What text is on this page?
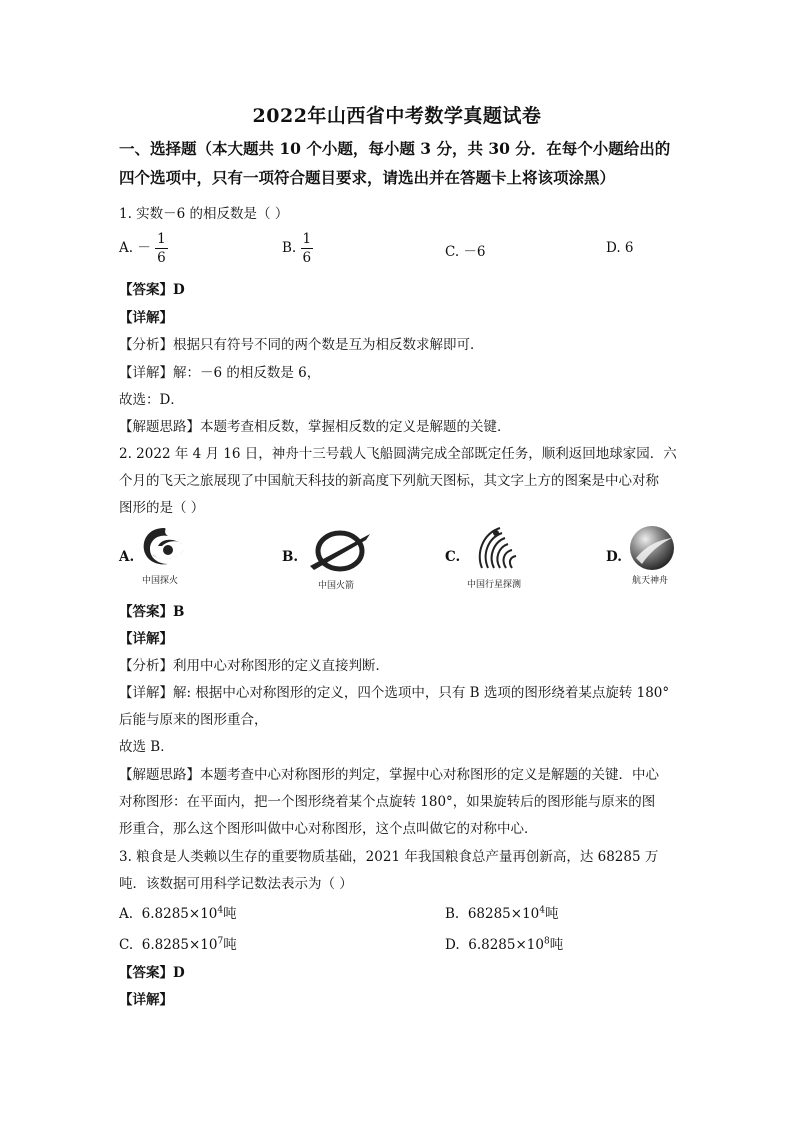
2022年山西省中考数学真题试卷
一、选择题（本大题共 10 个小题，每小题 3 分，共 30 分．在每个小题给出的
四个选项中，只有一项符合题目要求，请选出并在答题卡上将该项涂黑）
1. 实数－6 的相反数是（ ）
A. － $\frac{1}{6}$	B. $\frac{1}{6}$	C. －6	D. 6
【答案】D
【详解】
【分析】根据只有符号不同的两个数是互为相反数求解即可．
【详解】解：－6 的相反数是 6，
故选：D．
【解题思路】本题考查相反数，掌握相反数的定义是解题的关键．
2. 2022 年 4 月 16 日，神舟十三号载人飞船圆满完成全部既定任务，顺利返回地球家园．六
个月的飞天之旅展现了中国航天科技的新高度下列航天图标，其文字上方的图案是中心对称
图形的是（ ）
A.
中国探火
B.
中国火箭
C.
中国行星探测
D.
航天神舟
【答案】B
【详解】
【分析】利用中心对称图形的定义直接判断．
【详解】解: 根据中心对称图形的定义，四个选项中，只有 B 选项的图形绕着某点旋转 180°
后能与原来的图形重合，
故选 B．
【解题思路】本题考查中心对称图形的判定，掌握中心对称图形的定义是解题的关键．中心
对称图形：在平面内，把一个图形绕着某个点旋转 180°，如果旋转后的图形能与原来的图
形重合，那么这个图形叫做中心对称图形，这个点叫做它的对称中心．
3. 粮食是人类赖以生存的重要物质基础，2021 年我国粮食总产量再创新高，达 68285 万
吨．该数据可用科学记数法表示为（ ）
A. $6.8285\times 10^4$吨	B. $68285\times 10^4$吨
C. $6.8285\times 10^7$吨	D. $6.8285\times 10^8$吨
【答案】D
【详解】
